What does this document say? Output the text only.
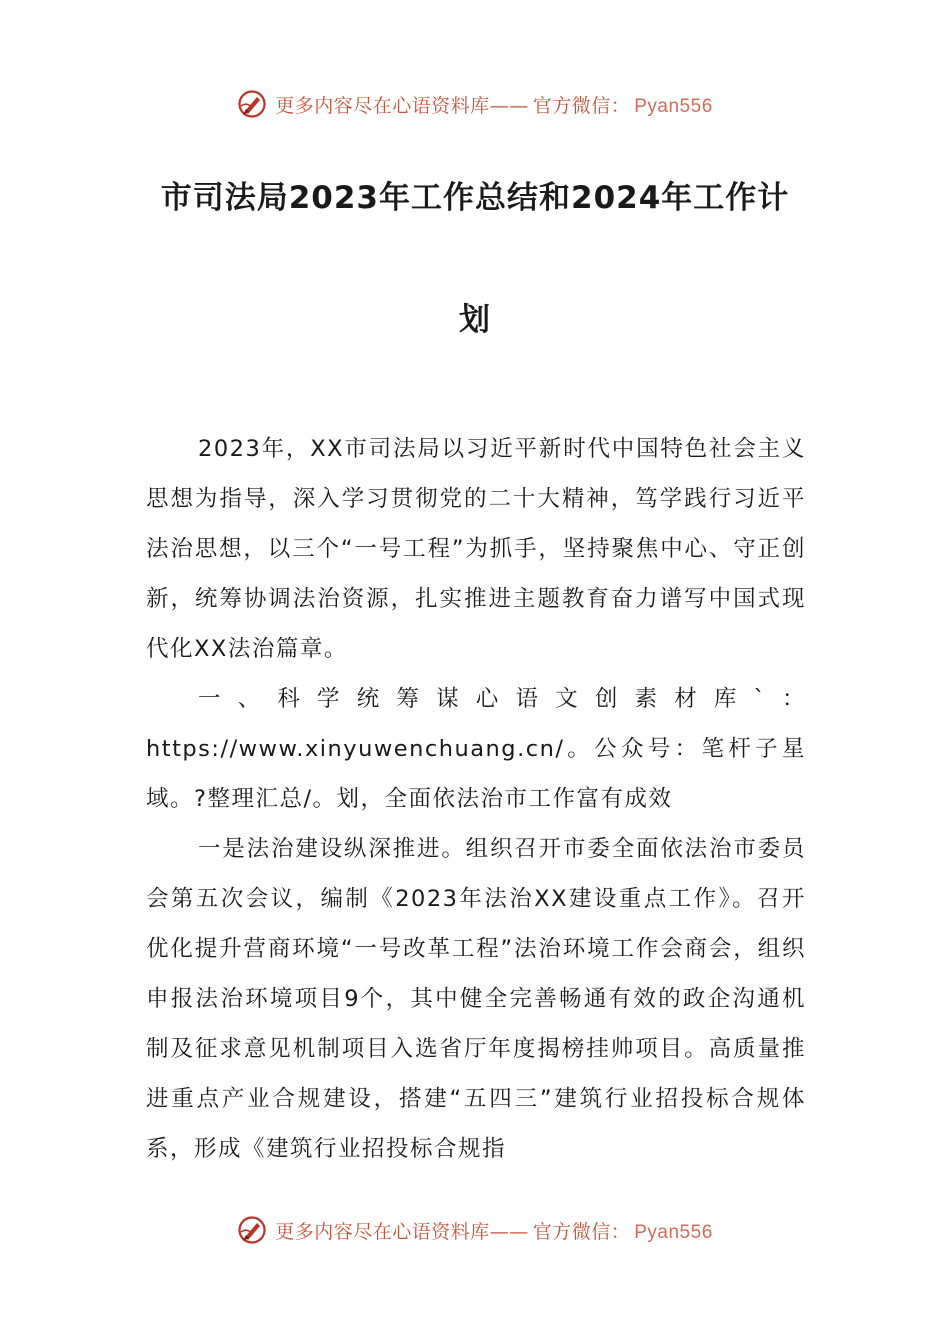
更多内容尽在心语资料库—— 官方微信： Pyan556
市司法局2023年工作总结和2024年工作计
划

2023年，XX市司法局以习近平新时代中国特色社会主义思想为指导，深入学习贯彻党的二十大精神，笃学践行习近平法治思想，以三个“一号工程”为抓手，坚持聚焦中心、守正创新，统筹协调法治资源，扎实推进主题教育奋力谱写中国式现代化XX法治篇章。

一、科学统筹谋心语文创素材库`：https://www.xinyuwenchuang.cn/。公众号：笔杆子星域。?整理汇总/。划，全面依法治市工作富有成效

一是法治建设纵深推进。组织召开市委全面依法治市委员会第五次会议，编制《2023年法治XX建设重点工作》。召开优化提升营商环境“一号改革工程”法治环境工作会商会，组织申报法治环境项目9个，其中健全完善畅通有效的政企沟通机制及征求意见机制项目入选省厅年度揭榜挂帅项目。高质量推进重点产业合规建设，搭建“五四三”建筑行业招投标合规体系，形成《建筑行业招投标合规指

更多内容尽在心语资料库—— 官方微信： Pyan556
